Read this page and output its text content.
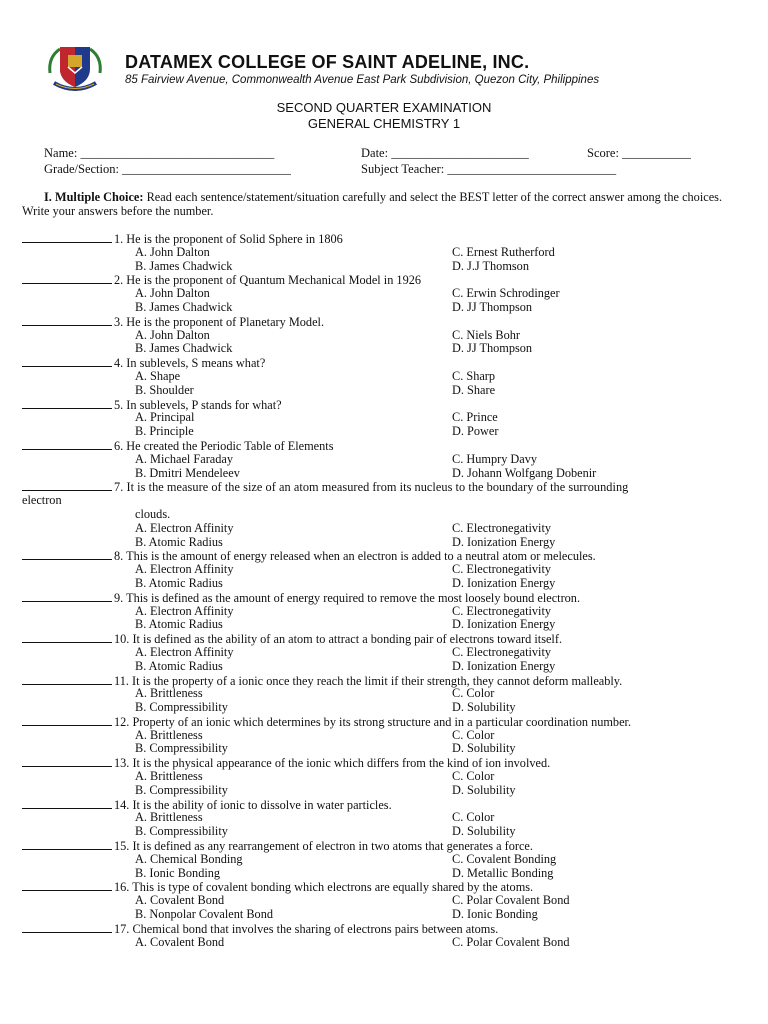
DATAMEX COLLEGE OF SAINT ADELINE, INC.
85 Fairview Avenue, Commonwealth Avenue East Park Subdivision, Quezon City, Philippines
SECOND QUARTER EXAMINATION
GENERAL CHEMISTRY 1
Name: _______________________________	Date: ______________________	Score: ___________
Grade/Section: ___________________________	Subject Teacher: ___________________________
I. Multiple Choice: Read each sentence/statement/situation carefully and select the BEST letter of the correct answer among the choices. Write your answers before the number.
1. He is the proponent of Solid Sphere in 1806
A. John Dalton	C. Ernest Rutherford
B. James Chadwick	D. J.J Thomson
2. He is the proponent of Quantum Mechanical Model in 1926
A. John Dalton	C. Erwin Schrodinger
B. James Chadwick	D. JJ Thompson
3. He is the proponent of Planetary Model.
A. John Dalton	C. Niels Bohr
B. James Chadwick	D. JJ Thompson
4. In sublevels, S means what?
A. Shape	C. Sharp
B. Shoulder	D. Share
5. In sublevels, P stands for what?
A. Principal	C. Prince
B. Principle	D. Power
6. He created the Periodic Table of Elements
A. Michael Faraday	C. Humpry Davy
B. Dmitri Mendeleev	D. Johann Wolfgang Dobenir
7. It is the measure of the size of an atom measured from its nucleus to the boundary of the surrounding
electron
clouds.
A. Electron Affinity	C. Electronegativity
B. Atomic Radius	D. Ionization Energy
8. This is the amount of energy released when an electron is added to a neutral atom or melecules.
A. Electron Affinity	C. Electronegativity
B. Atomic Radius	D. Ionization Energy
9. This is defined as the amount of energy required to remove the most loosely bound electron.
A. Electron Affinity	C. Electronegativity
B. Atomic Radius	D. Ionization Energy
10. It is defined as the ability of an atom to attract a bonding pair of electrons toward itself.
A. Electron Affinity	C. Electronegativity
B. Atomic Radius	D. Ionization Energy
11. It is the property of a ionic once they reach the limit if their strength, they cannot deform malleably.
A. Brittleness	C. Color
B. Compressibility	D. Solubility
12. Property of an ionic which determines by its strong structure and in a particular coordination number.
A. Brittleness	C. Color
B. Compressibility	D. Solubility
13. It is the physical appearance of the ionic which differs from the kind of ion involved.
A. Brittleness	C. Color
B. Compressibility	D. Solubility
14. It is the ability of ionic to dissolve in water particles.
A. Brittleness	C. Color
B. Compressibility	D. Solubility
15. It is defined as any rearrangement of electron in two atoms that generates a force.
A. Chemical Bonding	C. Covalent Bonding
B. Ionic Bonding	D. Metallic Bonding
16. This is type of covalent bonding which electrons are equally shared by the atoms.
A. Covalent Bond	C. Polar Covalent Bond
B. Nonpolar Covalent Bond	D. Ionic Bonding
17. Chemical bond that involves the sharing of electrons pairs between atoms.
A. Covalent Bond	C. Polar Covalent Bond
